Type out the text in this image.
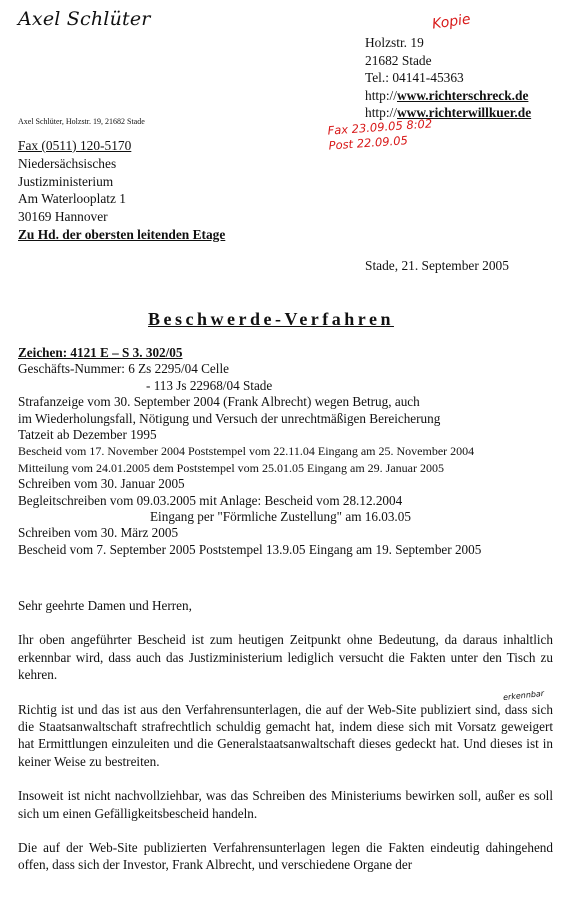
Axel Schlüter	Kopie
Holzstr. 19
21682 Stade
Tel.: 04141-45363
http://www.richterschreck.de
http://www.richterwillkuer.de
Axel Schlüter, Holzstr. 19, 21682 Stade	Fax 23.09.05 8:02
Post 22.09.05
Fax (0511) 120-5170
Niedersächsisches
Justizministerium
Am Waterlooplatz 1
30169 Hannover
Zu Hd. der obersten leitenden Etage
Stade, 21. September 2005
Beschwerde-Verfahren
Zeichen: 4121 E – S 3. 302/05
Geschäfts-Nummer: 6 Zs 2295/04 Celle
- 113 Js 22968/04 Stade
Strafanzeige vom 30. September 2004 (Frank Albrecht) wegen Betrug, auch
im Wiederholungsfall, Nötigung und Versuch der unrechtmäßigen Bereicherung
Tatzeit ab Dezember 1995
Bescheid vom 17. November 2004 Poststempel vom 22.11.04 Eingang am 25. November 2004
Mitteilung vom 24.01.2005 dem Poststempel vom 25.01.05 Eingang am 29. Januar 2005
Schreiben vom 30. Januar 2005
Begleitschreiben vom 09.03.2005 mit Anlage: Bescheid vom 28.12.2004
Eingang per "Förmliche Zustellung" am 16.03.05
Schreiben vom 30. März 2005
Bescheid vom 7. September 2005 Poststempel 13.9.05 Eingang am 19. September 2005

Sehr geehrte Damen und Herren,

Ihr oben angeführter Bescheid ist zum heutigen Zeitpunkt ohne Bedeutung, da daraus inhaltlich erkennbar wird, dass auch das Justizministerium lediglich versucht die Fakten unter den Tisch zu kehren.

Richtig ist und das ist aus den Verfahrensunterlagen, die auf der Web-Site publiziert sind, dass sich die Staatsanwaltschaft strafrechtlich schuldig gemacht hat, indem diese sich mit Vorsatz geweigert hat Ermittlungen einzuleiten und die Generalstaatsanwaltschaft dieses gedeckt hat. Und dieses ist in keiner Weise zu bestreiten.

Insoweit ist nicht nachvollziehbar, was das Schreiben des Ministeriums bewirken soll, außer es soll sich um einen Gefälligkeitsbescheid handeln.

Die auf der Web-Site publizierten Verfahrensunterlagen legen die Fakten eindeutig dahingehend offen, dass sich der Investor, Frank Albrecht, und verschiedene Organe der

erkennbar
